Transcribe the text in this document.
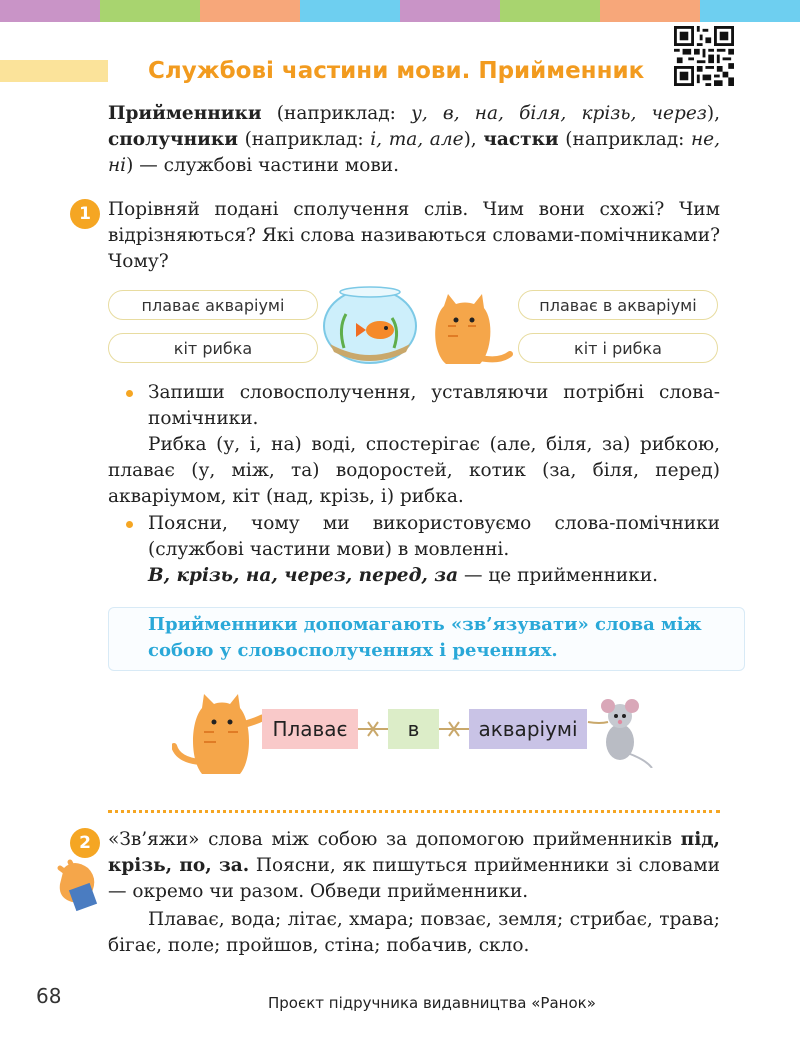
Службові частини мови. Прийменник
Прийменники (наприклад: у, в, на, біля, крізь, через), сполучники (наприклад: і, та, але), частки (наприклад: не, ні) — службові частини мови.
1 Порівняй подані сполучення слів. Чим вони схожі? Чим відрізняються? Які слова називаються словами-помічниками? Чому?
плаває акваріумі
кіт рибка
плаває в акваріумі
кіт і рибка
Запиши словосполучення, уставляючи потрібні слова-помічники.
Рибка (у, і, на) воді, спостерігає (але, біля, за) рибкою, плаває (у, між, та) водоростей, котик (за, біля, перед) акваріумом, кіт (над, крізь, і) рибка.
Поясни, чому ми використовуємо слова-помічники (службові частини мови) в мовленні.
В, крізь, на, через, перед, за — це прийменники.
Прийменники допомагають «зв’язувати» слова між собою у словосполученнях і реченнях.
Плаває	в	акваріумі
2 «Зв’яжи» слова між собою за допомогою прийменників під, крізь, по, за. Поясни, як пишуться прийменники зі словами — окремо чи разом. Обведи прийменники.
Плаває, вода; літає, хмара; повзає, земля; стрибає, трава; бігає, поле; пройшов, стіна; побачив, скло.
68	Проєкт підручника видавництва «Ранок»
